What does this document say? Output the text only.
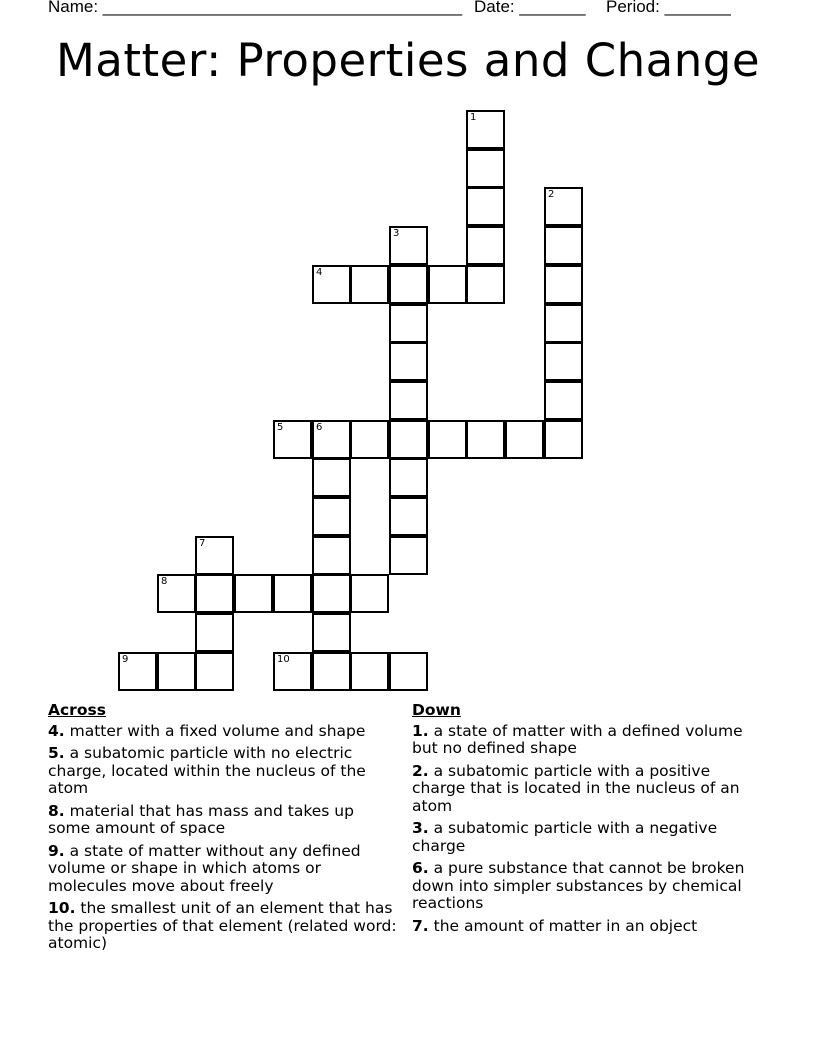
Name: ______________________________________ Date: _______ Period: _______
Matter: Properties and Change
1
2
3
4
5	6
7
8
9	10
Across
4. matter with a fixed volume and shape
5. a subatomic particle with no electric charge, located within the nucleus of the atom
8. material that has mass and takes up some amount of space
9. a state of matter without any defined volume or shape in which atoms or molecules move about freely
10. the smallest unit of an element that has the properties of that element (related word: atomic)
Down
1. a state of matter with a defined volume but no defined shape
2. a subatomic particle with a positive charge that is located in the nucleus of an atom
3. a subatomic particle with a negative charge
6. a pure substance that cannot be broken down into simpler substances by chemical reactions
7. the amount of matter in an object
